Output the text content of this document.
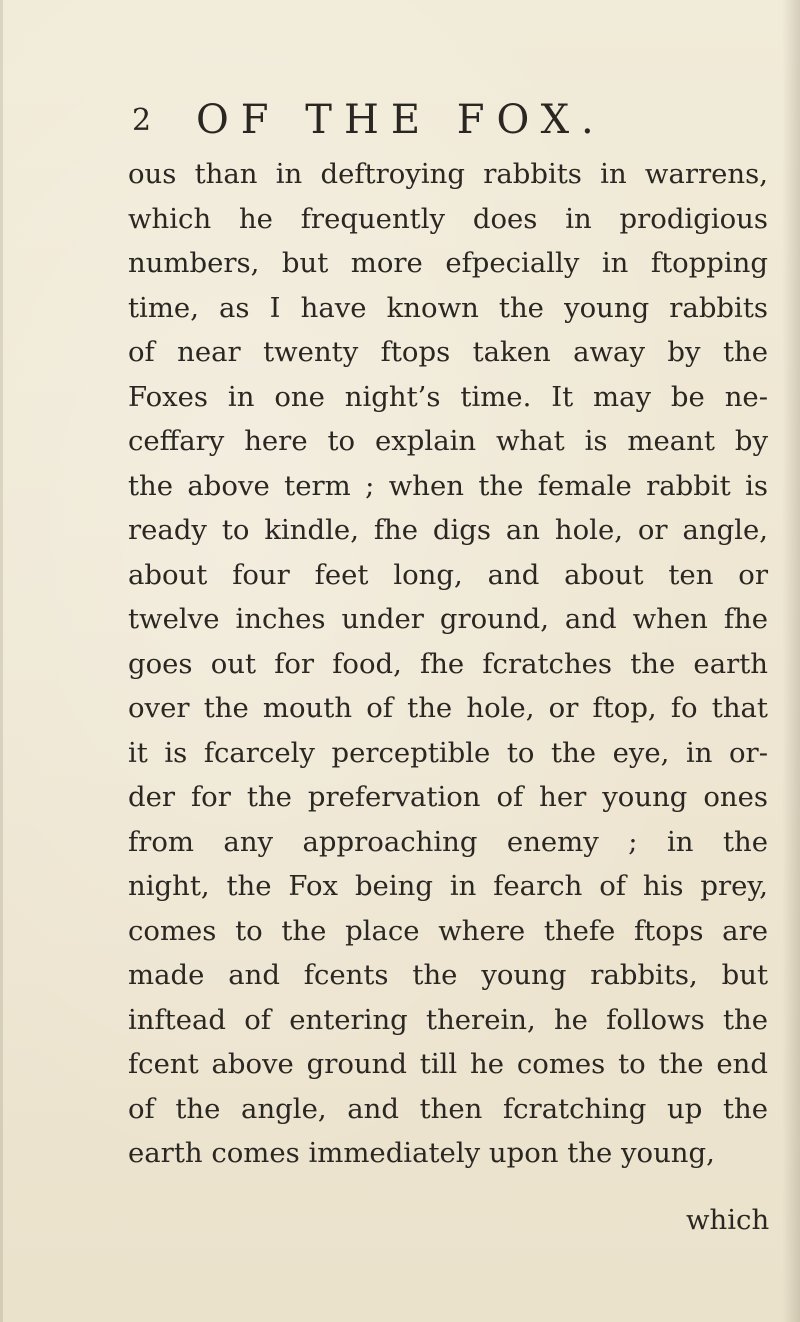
2 OF THE FOX.
ous than in deftroying rabbits in warrens,
which he frequently does in prodigious
numbers, but more efpecially in ftopping
time, as I have known the young rabbits
of near twenty ftops taken away by the
Foxes in one night’s time. It may be ne-
ceffary here to explain what is meant by
the above term ; when the female rabbit is
ready to kindle, fhe digs an hole, or angle,
about four feet long, and about ten or
twelve inches under ground, and when fhe
goes out for food, fhe fcratches the earth
over the mouth of the hole, or ftop, fo that
it is fcarcely perceptible to the eye, in or-
der for the prefervation of her young ones
from any approaching enemy ; in the
night, the Fox being in fearch of his prey,
comes to the place where thefe ftops are
made and fcents the young rabbits, but
inftead of entering therein, he follows the
fcent above ground till he comes to the end
of the angle, and then fcratching up the
earth comes immediately upon the young,
which
